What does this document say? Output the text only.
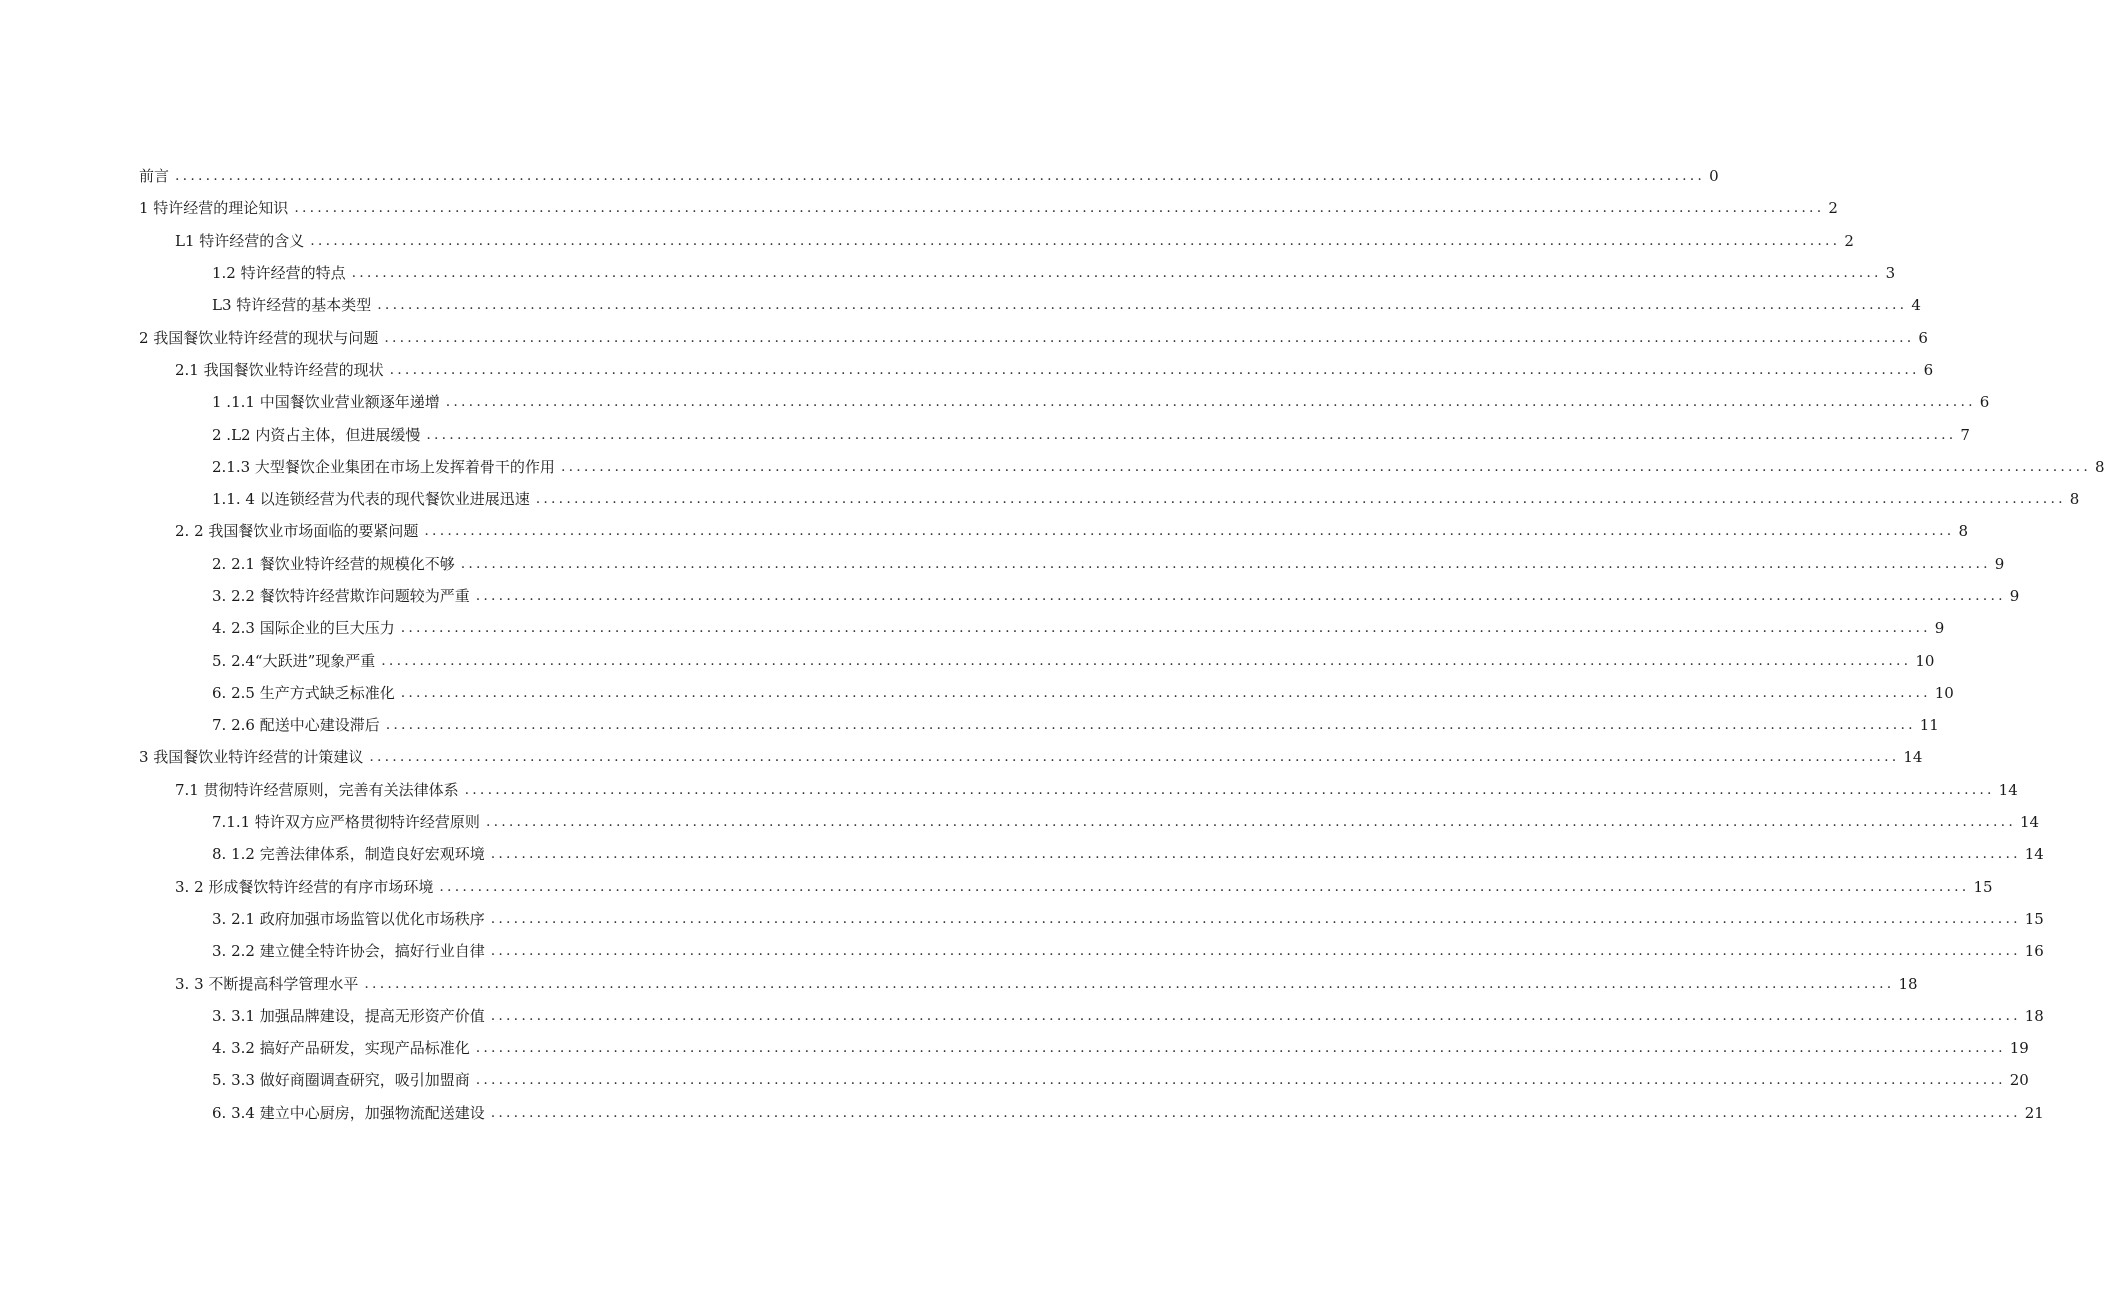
前言 ........................................................................................................................................................................................................ 0
1 特许经营的理论知识 ........................................................................................................................................................................................................ 2
L1 特许经营的含义 ........................................................................................................................................................................................................ 2
1.2 特许经营的特点 ........................................................................................................................................................................................................ 3
L3 特许经营的基本类型 ........................................................................................................................................................................................................ 4
2 我国餐饮业特许经营的现状与问题 ........................................................................................................................................................................................................ 6
2.1 我国餐饮业特许经营的现状 ........................................................................................................................................................................................................ 6
1 .1.1 中国餐饮业营业额逐年递增 ........................................................................................................................................................................................................ 6
2 .L2 内资占主体，但进展缓慢 ........................................................................................................................................................................................................ 7
2.1.3 大型餐饮企业集团在市场上发挥着骨干的作用 ........................................................................................................................................................................................................ 8
1.1. 4 以连锁经营为代表的现代餐饮业进展迅速 ........................................................................................................................................................................................................ 8
2. 2 我国餐饮业市场面临的要紧问题 ........................................................................................................................................................................................................ 8
2. 2.1 餐饮业特许经营的规模化不够 ........................................................................................................................................................................................................ 9
3. 2.2 餐饮特许经营欺诈问题较为严重 ........................................................................................................................................................................................................ 9
4. 2.3 国际企业的巨大压力 ........................................................................................................................................................................................................ 9
5. 2.4“大跃进”现象严重 ........................................................................................................................................................................................................ 10
6. 2.5 生产方式缺乏标准化 ........................................................................................................................................................................................................ 10
7. 2.6 配送中心建设滞后 ........................................................................................................................................................................................................ 11
3 我国餐饮业特许经营的计策建议 ........................................................................................................................................................................................................ 14
7.1 贯彻特许经营原则，完善有关法律体系 ........................................................................................................................................................................................................ 14
7.1.1 特许双方应严格贯彻特许经营原则 ........................................................................................................................................................................................................ 14
8. 1.2 完善法律体系，制造良好宏观环境 ........................................................................................................................................................................................................ 14
3. 2 形成餐饮特许经营的有序市场环境 ........................................................................................................................................................................................................ 15
3. 2.1 政府加强市场监管以优化市场秩序 ........................................................................................................................................................................................................ 15
3. 2.2 建立健全特许协会，搞好行业自律 ........................................................................................................................................................................................................ 16
3. 3 不断提高科学管理水平 ........................................................................................................................................................................................................ 18
3. 3.1 加强品牌建设，提高无形资产价值 ........................................................................................................................................................................................................ 18
4. 3.2 搞好产品研发，实现产品标准化 ........................................................................................................................................................................................................ 19
5. 3.3 做好商圈调查研究，吸引加盟商 ........................................................................................................................................................................................................ 20
6. 3.4 建立中心厨房，加强物流配送建设 ........................................................................................................................................................................................................ 21
